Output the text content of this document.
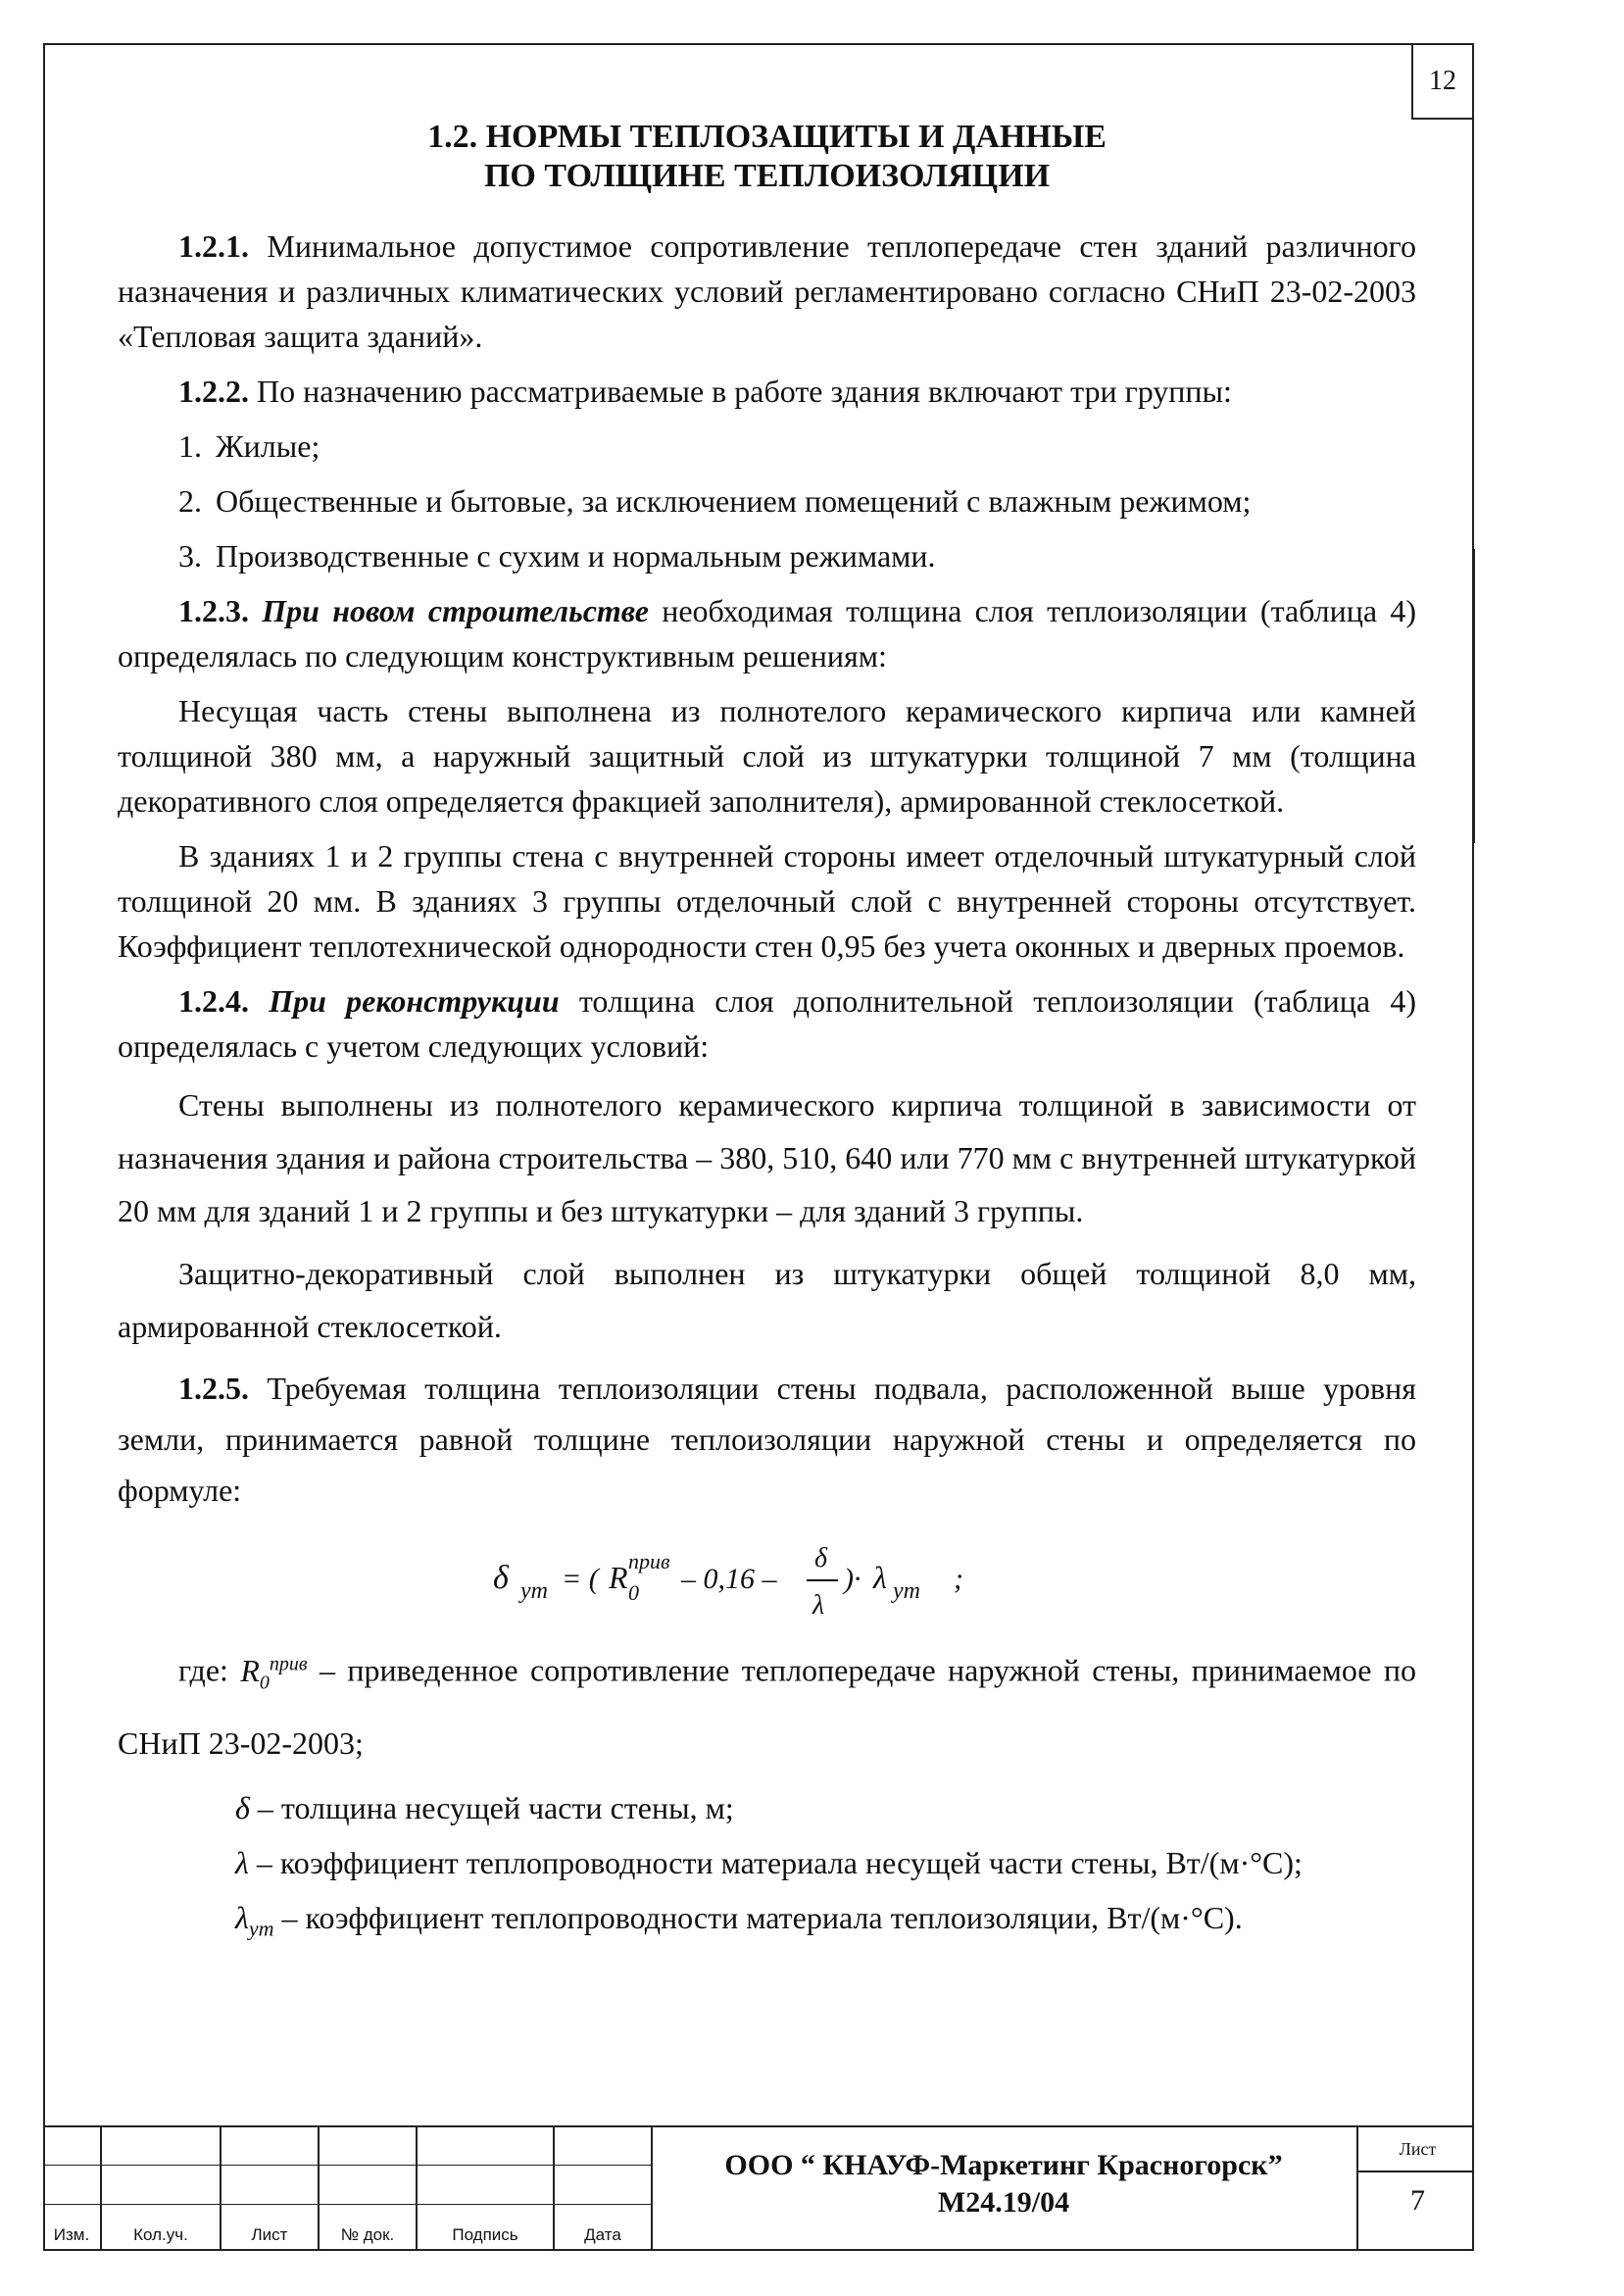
12
1.2. НОРМЫ ТЕПЛОЗАЩИТЫ И ДАННЫЕ
ПО ТОЛЩИНЕ ТЕПЛОИЗОЛЯЦИИ

1.2.1. Минимальное допустимое сопротивление теплопередаче стен зданий различного назначения и различных климатических условий регламентировано согласно СНиП 23-02-2003 «Тепловая защита зданий».

1.2.2. По назначению рассматриваемые в работе здания включают три группы:

1. Жилые;
2. Общественные и бытовые, за исключением помещений с влажным режимом;
3. Производственные с сухим и нормальным режимами.

1.2.3. При новом строительстве необходимая толщина слоя теплоизоляции (таблица 4) определялась по следующим конструктивным решениям:

Несущая часть стены выполнена из полнотелого керамического кирпича или камней толщиной 380 мм, а наружный защитный слой из штукатурки толщиной 7 мм (толщина декоративного слоя определяется фракцией заполнителя), армированной стеклосеткой.

В зданиях 1 и 2 группы стена с внутренней стороны имеет отделочный штукатурный слой толщиной 20 мм. В зданиях 3 группы отделочный слой с внутренней стороны отсутствует. Коэффициент теплотехнической однородности стен 0,95 без учета оконных и дверных проемов.

1.2.4. При реконструкции толщина слоя дополнительной теплоизоляции (таблица 4) определялась с учетом следующих условий:

Стены выполнены из полнотелого керамического кирпича толщиной в зависимости от назначения здания и района строительства – 380, 510, 640 или 770 мм с внутренней штукатуркой 20 мм для зданий 1 и 2 группы и без штукатурки – для зданий 3 группы.

Защитно-декоративный слой выполнен из штукатурки общей толщиной 8,0 мм, армированной стеклосеткой.

1.2.5. Требуемая толщина теплоизоляции стены подвала, расположенной выше уровня земли, принимается равной толщине теплоизоляции наружной стены и определяется по формуле:

δ ут = ( R 0
прив
– 0,16 –
δ
λ
)· λ ут ;

где: $R_0^{прив}$ – приведенное сопротивление теплопередаче наружной стены, принимаемое по СНиП 23-02-2003;

δ – толщина несущей части стены, м;

λ – коэффициент теплопроводности материала несущей части стены, Вт/(м·°С);

$\lambda_{ут}$ – коэффициент теплопроводности материала теплоизоляции, Вт/(м·°С).

Изм.	Кол.уч.	Лист	№ док.	Подпись	Дата
ООО “ КНАУФ-Маркетинг Красногорск”
М24.19/04
Лист
7
